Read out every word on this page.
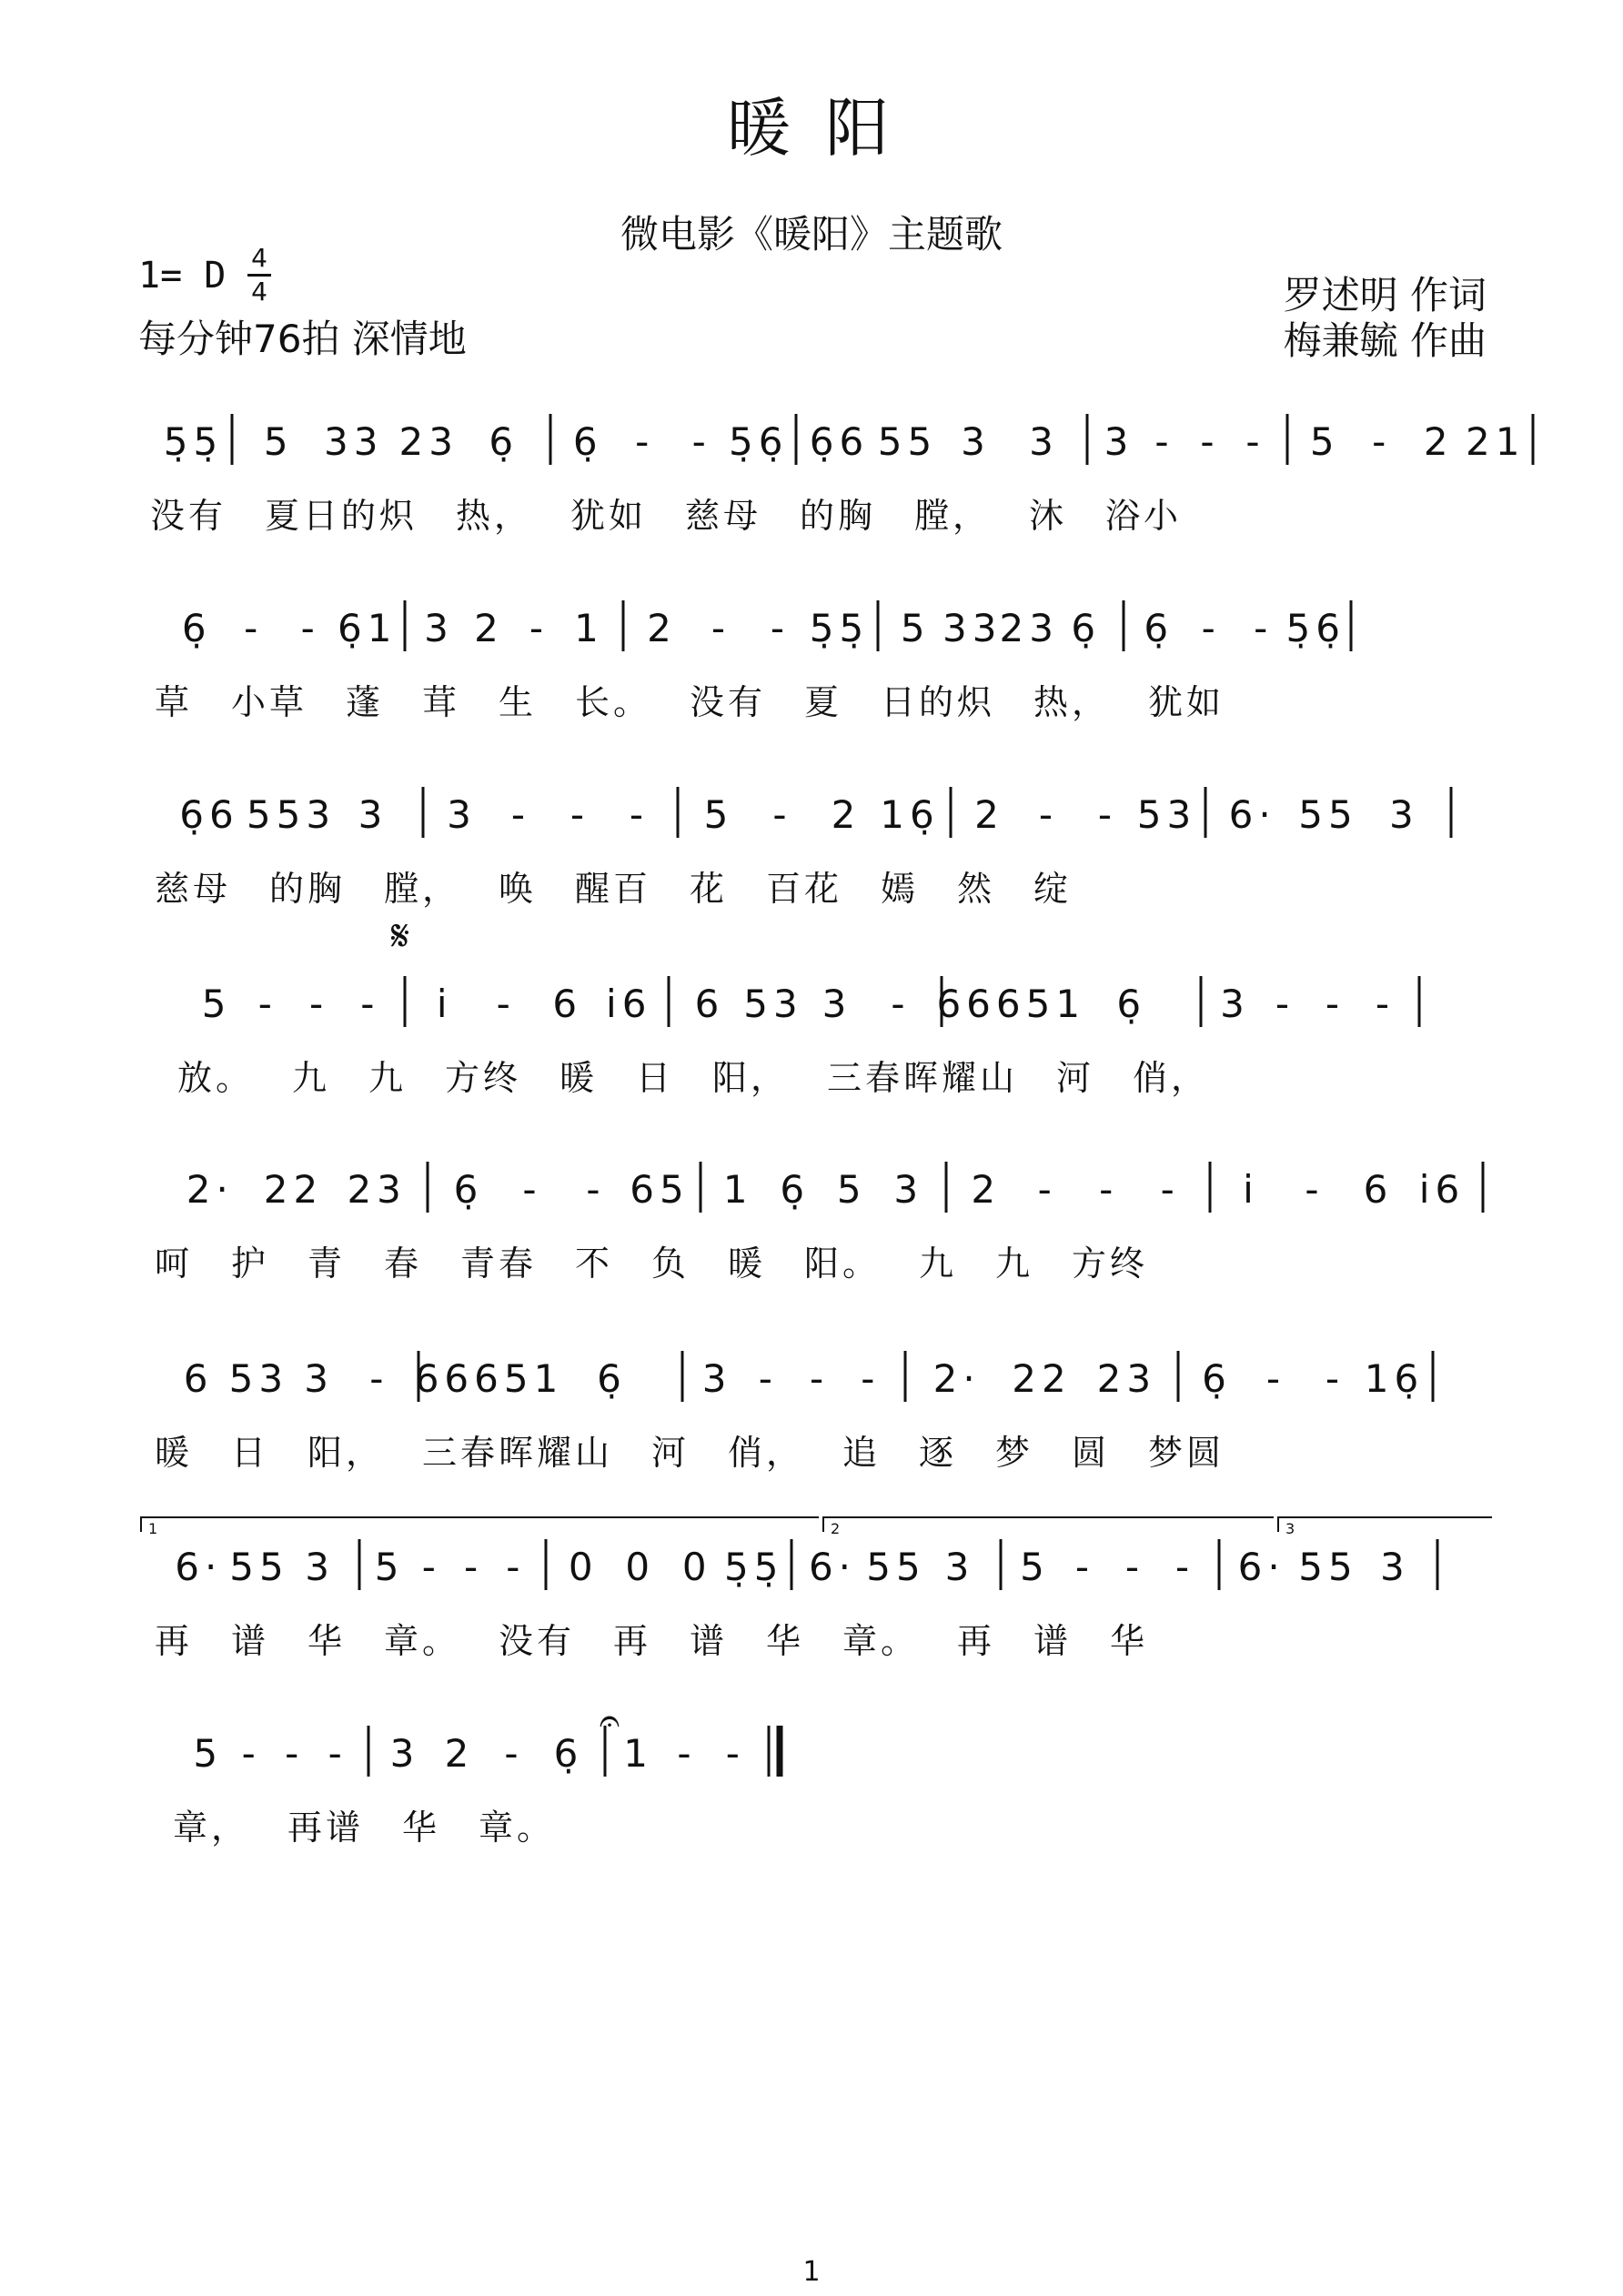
暖 阳
微电影《暖阳》主题歌
1= D 4
4
每分钟76拍 深情地
罗述明 作词
梅兼毓 作曲
5̣5̣ 5 33 23 6̣ 6̣ - - 5̣6̣ 6̣6 55 3 3 3 - - - 5 - 2 21
没有 夏日的炽 热， 犹如 慈母 的胸 膛， 沐 浴小
6̣ - - 6̣1 3 2 - 1 2 - - 5̣5̣ 5 33
23 6̣ 6̣ - - 5̣6̣
草 小草 蓬 茸 生 长。 没有 夏 日的炽 热， 犹如
6̣6 553 3 3 - - - 5 - 2 16̣ 2 - - 53 6· 55 3
慈母 的胸 膛， 唤 醒百 花 百花 嫣 然 绽
5 - - - i - 6 i6 6 53 3 - 66651 6̣ 3 - - -
放。 九 九 方终 暖 日 阳， 三春晖耀山 河 俏，
2· 22 23 6̣ - - 65 1 6̣ 5 3 2 - - - i - 6 i6
呵 护 青 春 青春 不 负 暖 阳。 九 九 方终
6 53 3 - 66651 6̣ 3 - - - 2· 22 23 6̣ - - 16̣
暖 日 阳， 三春晖耀山 河 俏， 追 逐 梦 圆 梦圆
6· 55 3 5 - - - 0 0 0 5̣5̣ 6· 55 3 5 - - - 6· 55 3
再 谱 华 章。 没有 再 谱 华 章。 再 谱 华
5 - - - 3 2 - 6̣ 1 - -
章， 再谱 华 章。
𝄋
𝄐
1	2	3
1
